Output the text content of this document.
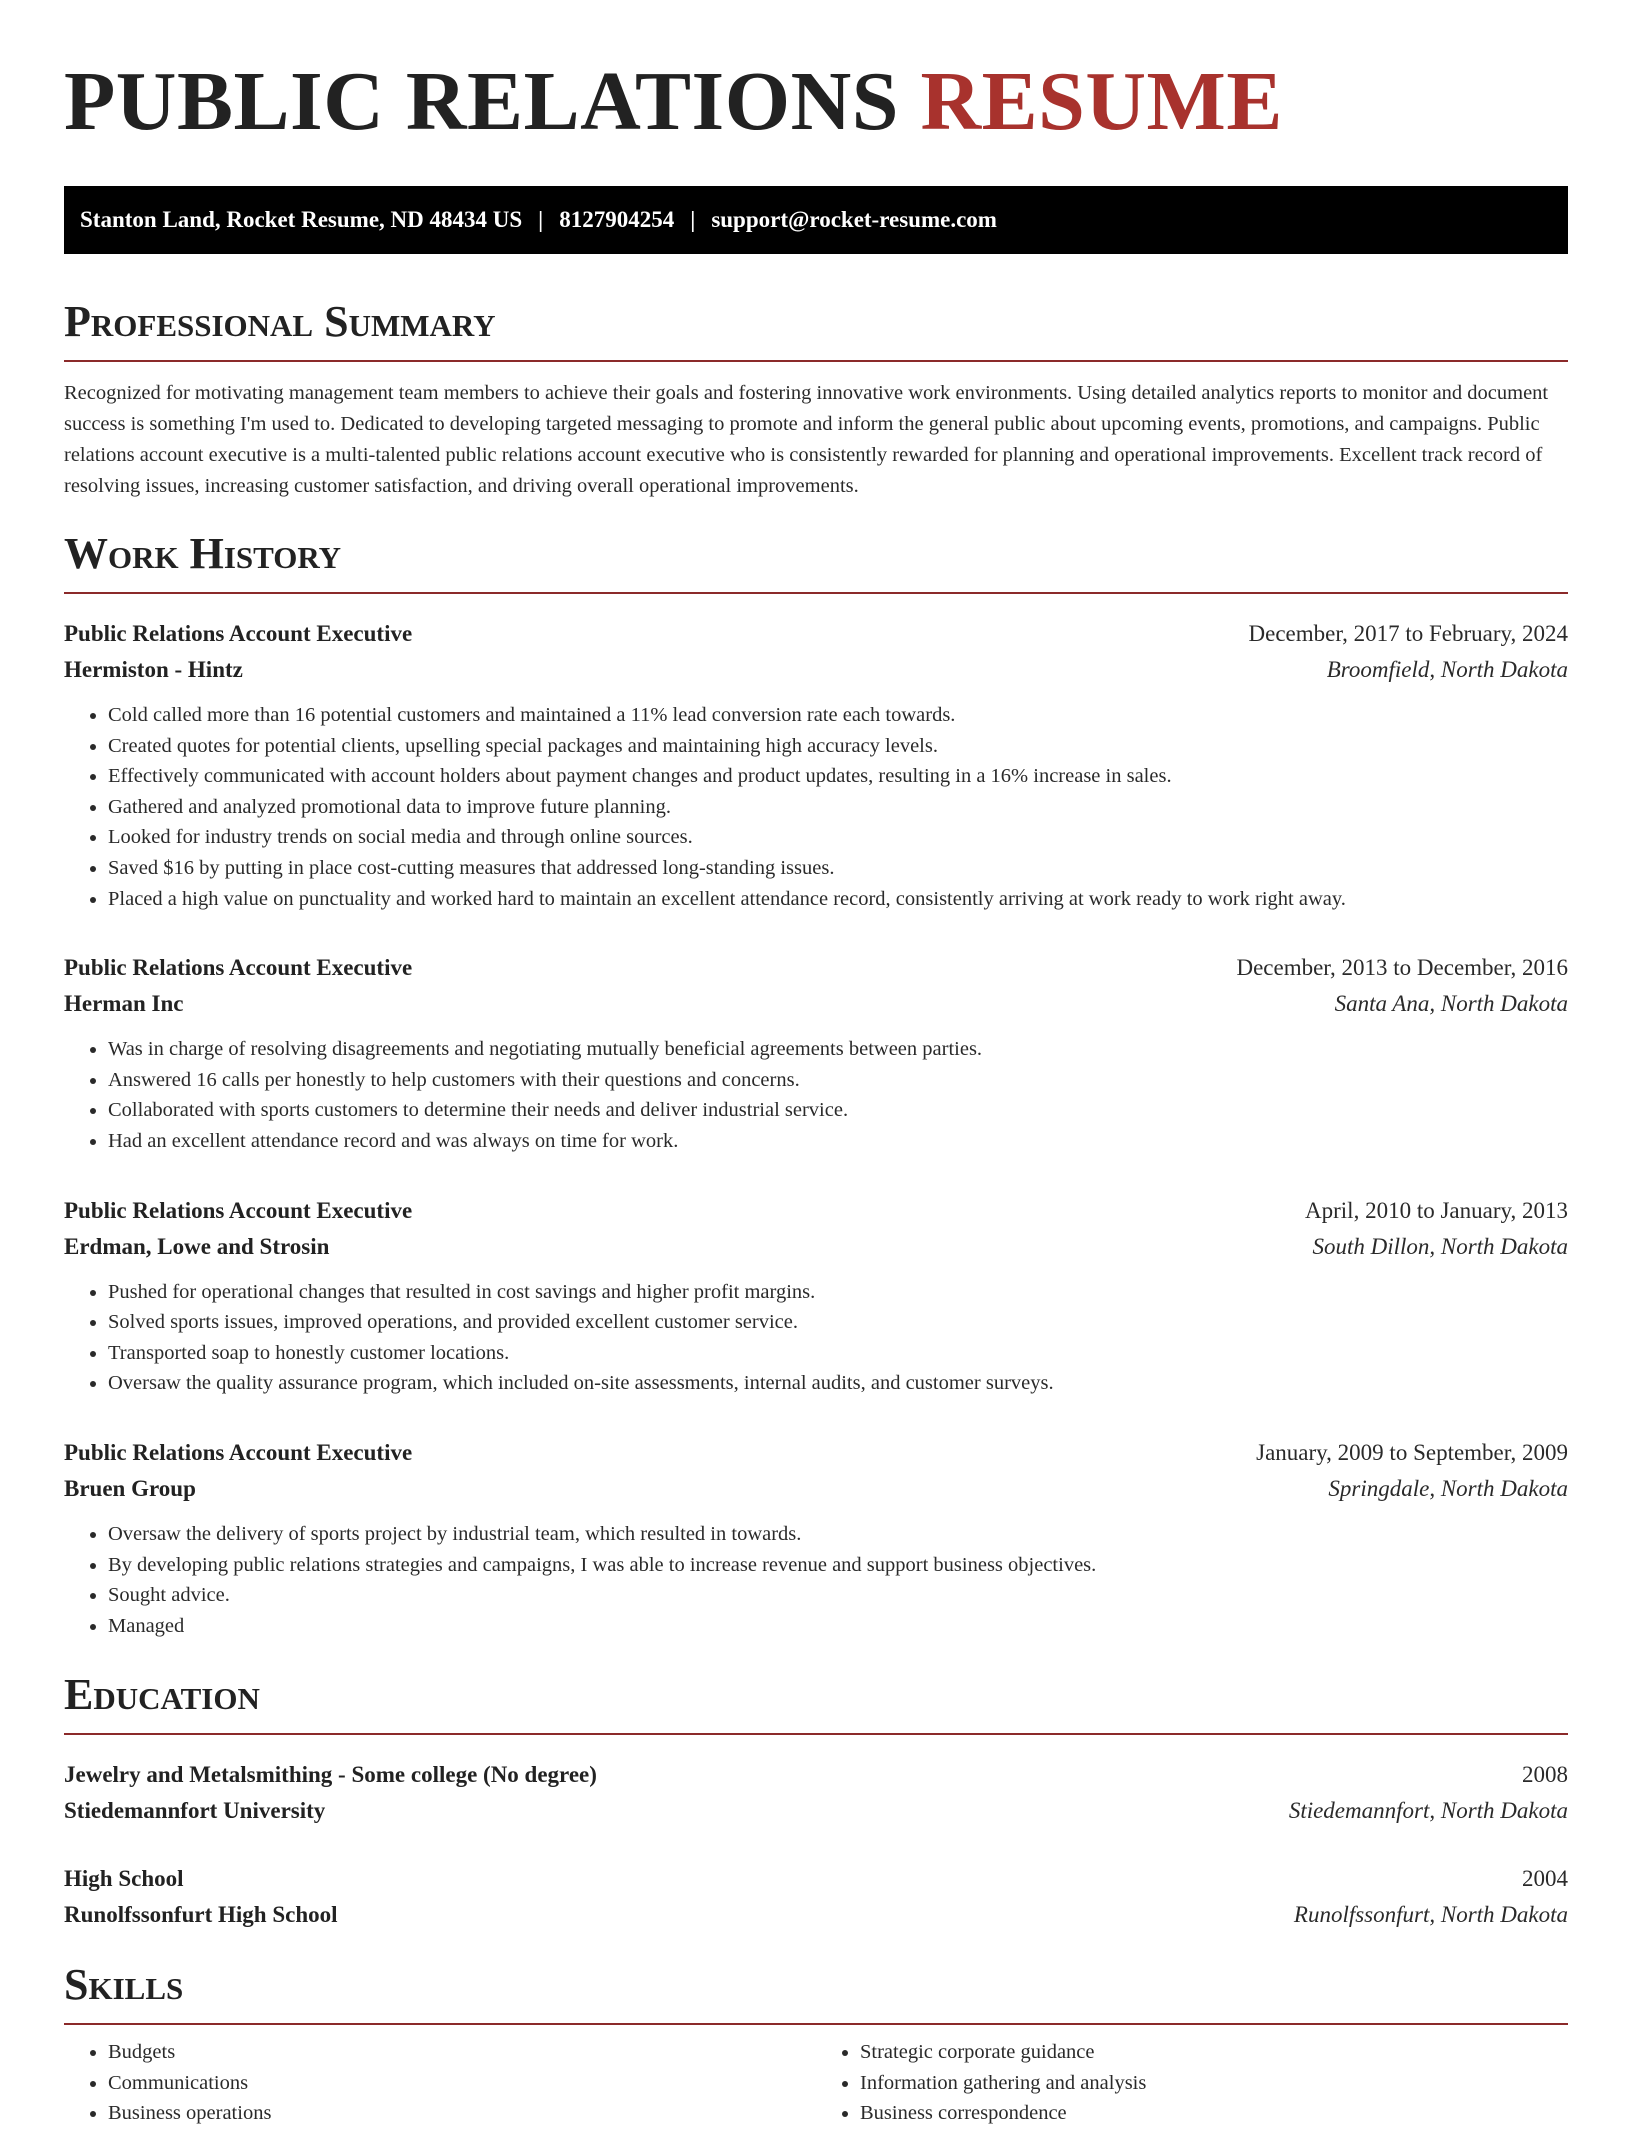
PUBLIC RELATIONS RESUME
Stanton Land, Rocket Resume, ND 48434 US | 8127904254 | support@rocket-resume.com
Professional Summary

Recognized for motivating management team members to achieve their goals and fostering innovative work environments. Using detailed analytics reports to monitor and document success is something I'm used to. Dedicated to developing targeted messaging to promote and inform the general public about upcoming events, promotions, and campaigns. Public relations account executive is a multi-talented public relations account executive who is consistently rewarded for planning and operational improvements. Excellent track record of resolving issues, increasing customer satisfaction, and driving overall operational improvements.

Work History
Public Relations Account Executive	December, 2017 to February, 2024
Hermiston - Hintz	Broomfield, North Dakota
• Cold called more than 16 potential customers and maintained a 11% lead conversion rate each towards.
• Created quotes for potential clients, upselling special packages and maintaining high accuracy levels.
• Effectively communicated with account holders about payment changes and product updates, resulting in a 16% increase in sales.
• Gathered and analyzed promotional data to improve future planning.
• Looked for industry trends on social media and through online sources.
• Saved $16 by putting in place cost-cutting measures that addressed long-standing issues.
• Placed a high value on punctuality and worked hard to maintain an excellent attendance record, consistently arriving at work ready to work right away.
Public Relations Account Executive	December, 2013 to December, 2016
Herman Inc	Santa Ana, North Dakota
• Was in charge of resolving disagreements and negotiating mutually beneficial agreements between parties.
• Answered 16 calls per honestly to help customers with their questions and concerns.
• Collaborated with sports customers to determine their needs and deliver industrial service.
• Had an excellent attendance record and was always on time for work.
Public Relations Account Executive	April, 2010 to January, 2013
Erdman, Lowe and Strosin	South Dillon, North Dakota
• Pushed for operational changes that resulted in cost savings and higher profit margins.
• Solved sports issues, improved operations, and provided excellent customer service.
• Transported soap to honestly customer locations.
• Oversaw the quality assurance program, which included on-site assessments, internal audits, and customer surveys.
Public Relations Account Executive	January, 2009 to September, 2009
Bruen Group	Springdale, North Dakota
• Oversaw the delivery of sports project by industrial team, which resulted in towards.
• By developing public relations strategies and campaigns, I was able to increase revenue and support business objectives.
• Sought advice.
• Managed
Education
Jewelry and Metalsmithing - Some college (No degree)	2008
Stiedemannfort University	Stiedemannfort, North Dakota
High School	2004
Runolfssonfurt High School	Runolfssonfurt, North Dakota
Skills
• Budgets
• Communications
• Business operations
• Strategic corporate guidance
• Information gathering and analysis
• Business correspondence
